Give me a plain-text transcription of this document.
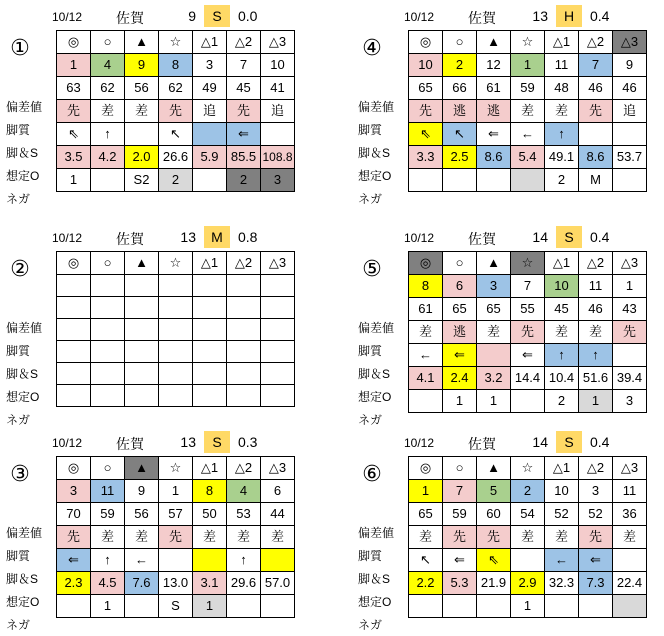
10/12 佐賀	9	S	0.0
①
偏差値
脚質
脚＆S
想定O
ネガ
◎	○	▲	☆	△1	△2	△3
1	4	9	8	3	7	10
63	62	56	62	49	45	41
先	差	差	先	追	先	追
⇖	↑		↖		⇐	
3.5	4.2	2.0	26.6	5.9	85.5	108.8
1		S2	2		2	3
10/12 佐賀	13	M	0.8
②
偏差値
脚質
脚＆S
想定O
ネガ
◎	○	▲	☆	△1	△2	△3

10/12 佐賀	13	S	0.3
③
偏差値
脚質
脚＆S
想定O
ネガ
◎	○	▲	☆	△1	△2	△3
3	11	9	1	8	4	6
70	59	56	57	50	53	44
先	差	差	先	差	差	差
⇐	↑	←			↑	
2.3	4.5	7.6	13.0	3.1	29.6	57.0
	1		S	1		
10/12 佐賀	13	H	0.4
④
偏差値
脚質
脚＆S
想定O
ネガ
◎	○	▲	☆	△1	△2	△3
10	2	12	1	11	7	9
65	66	61	59	48	46	46
先	逃	逃	差	差	先	追
⇖	↖	⇐	←	↑		
3.3	2.5	8.6	5.4	49.1	8.6	53.7
				2	M	
10/12 佐賀	14	S	0.4
⑤
偏差値
脚質
脚＆S
想定O
ネガ
◎	○	▲	☆	△1	△2	△3
8	6	3	7	10	11	1
61	65	65	55	45	46	43
差	逃	差	先	差	差	先
←	⇐		⇐	↑	↑	
4.1	2.4	3.2	14.4	10.4	51.6	39.4
	1	1		2	1	3
10/12 佐賀	14	S	0.4
⑥
偏差値
脚質
脚＆S
想定O
ネガ
◎	○	▲	☆	△1	△2	△3
1	7	5	2	10	3	11
65	59	60	54	52	52	36
差	先	先	差	差	先	差
↖	⇐	⇖		←	⇐	
2.2	5.3	21.9	2.9	32.3	7.3	22.4
			1			
